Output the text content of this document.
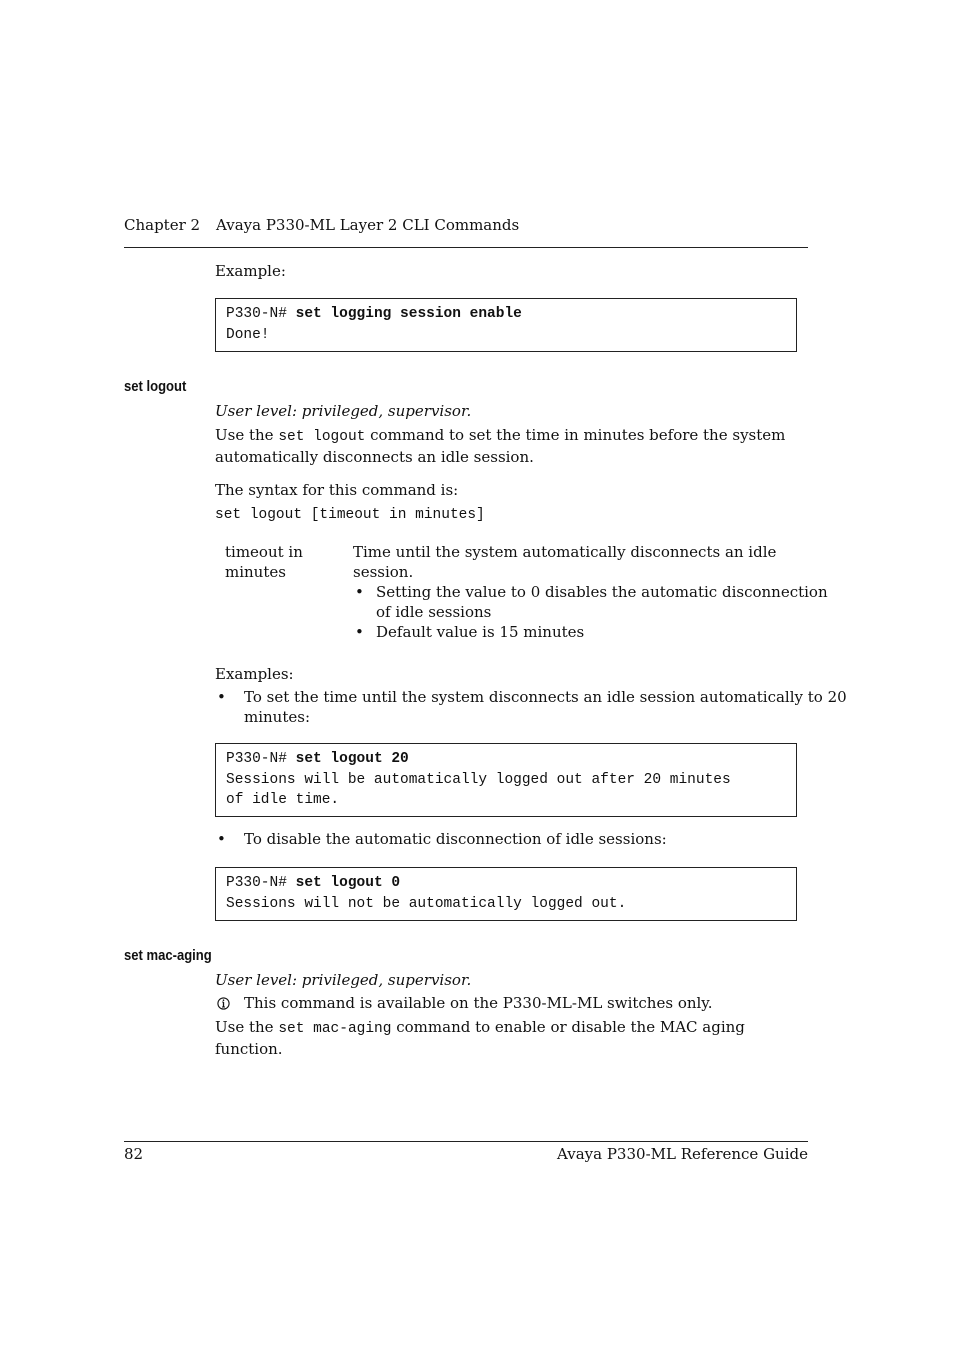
Chapter 2 Avaya P330-ML Layer 2 CLI Commands
Example:
P330-N# set logging session enable
Done!
set logout
User level: privileged, supervisor.
Use the set logout command to set the time in minutes before the system
automatically disconnects an idle session.
The syntax for this command is:
set logout [timeout in minutes]
timeout in
minutes
Time until the system automatically disconnects an idle
session.
• Setting the value to 0 disables the automatic disconnection
of idle sessions
• Default value is 15 minutes
Examples:
• To set the time until the system disconnects an idle session automatically to 20
minutes:
P330-N# set logout 20
Sessions will be automatically logged out after 20 minutes
of idle time.
• To disable the automatic disconnection of idle sessions:
P330-N# set logout 0
Sessions will not be automatically logged out.
set mac-aging
User level: privileged, supervisor.
This command is available on the P330-ML-ML switches only.
Use the set mac-aging command to enable or disable the MAC aging function.
82	Avaya P330-ML Reference Guide
